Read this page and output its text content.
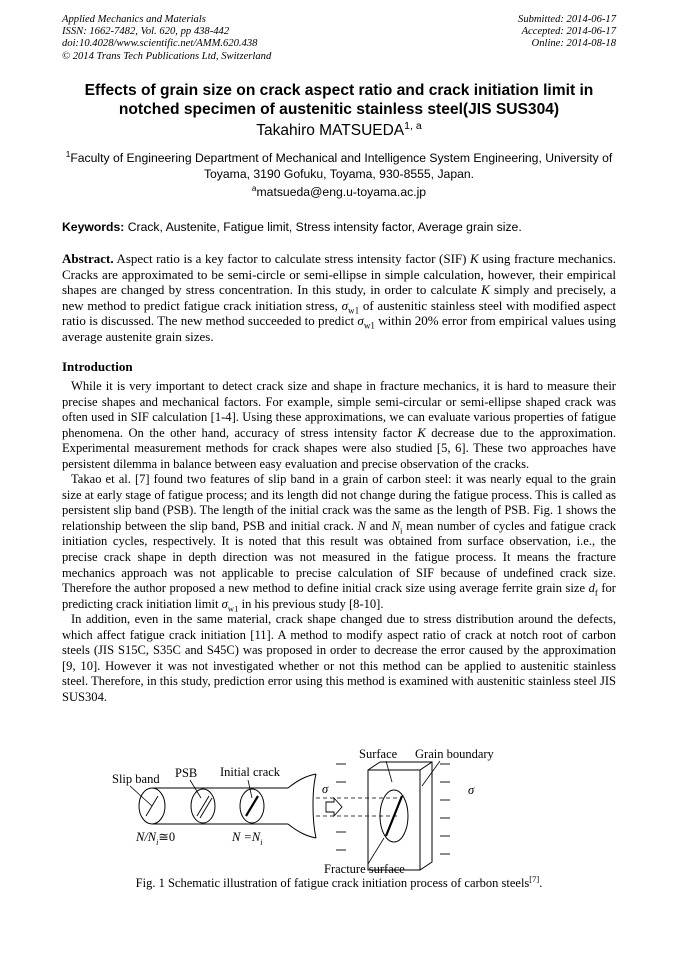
Applied Mechanics and Materials
ISSN: 1662-7482, Vol. 620, pp 438-442
doi:10.4028/www.scientific.net/AMM.620.438
© 2014 Trans Tech Publications Ltd, Switzerland
Submitted: 2014-06-17
Accepted: 2014-06-17
Online: 2014-08-18
Effects of grain size on crack aspect ratio and crack initiation limit in notched specimen of austenitic stainless steel(JIS SUS304)
Takahiro MATSUEDA$^{1, a}$
$^1$Faculty of Engineering Department of Mechanical and Intelligence System Engineering, University of Toyama, 3190 Gofuku, Toyama, 930-8555, Japan.
$^a$matsueda@eng.u-toyama.ac.jp
Keywords: Crack, Austenite, Fatigue limit, Stress intensity factor, Average grain size.
Abstract. Aspect ratio is a key factor to calculate stress intensity factor (SIF) K using fracture mechanics. Cracks are approximated to be semi-circle or semi-ellipse in simple calculation, however, their empirical shapes are changed by stress concentration. In this study, in order to calculate K simply and precisely, a new method to predict fatigue crack initiation stress, $\sigma_{w1}$ of austenitic stainless steel with modified aspect ratio is discussed. The new method succeeded to predict $\sigma_{w1}$ within 20% error from empirical values using average austenite grain sizes.
Introduction

While it is very important to detect crack size and shape in fracture mechanics, it is hard to measure their precise shapes and mechanical factors. For example, simple semi-circular or semi-ellipse shaped crack was often used in SIF calculation [1-4]. Using these approximations, we can evaluate various properties of fatigue phenomena. On the other hand, accuracy of stress intensity factor K decrease due to the approximation. Experimental measurement methods for crack shapes were also studied [5, 6]. These two approaches have persistent dilemma in balance between easy evaluation and precise observation of the cracks.

Takao et al. [7] found two features of slip band in a grain of carbon steel: it was nearly equal to the grain size at early stage of fatigue process; and its length did not change during the fatigue process. This is called as persistent slip band (PSB). The length of the initial crack was the same as the length of PSB. Fig. 1 shows the relationship between the slip band, PSB and initial crack. N and $N_i$ mean number of cycles and fatigue crack initiation cycles, respectively. It is noted that this result was obtained from surface observation, i.e., the precise crack shape in depth direction was not measured in the fatigue process. It means the fracture mechanics approach was not applicable to precise calculation of SIF because of undefined crack size. Therefore the author proposed a new method to define initial crack size using average ferrite grain size $d_f$ for predicting crack initiation limit $\sigma_{w1}$ in his previous study [8-10].

In addition, even in the same material, crack shape changed due to stress distribution around the defects, which affect fatigue crack initiation [11]. A method to modify aspect ratio of crack at notch root of carbon steels (JIS S15C, S35C and S45C) was proposed in order to decrease the error caused by the approximation [9, 10]. However it was not investigated whether or not this method can be applied to austenitic stainless steel. Therefore, in this study, prediction error using this method is examined with austenitic stainless steel JIS SUS304.

Slip band PSB Initial crack
Surface Grain boundary
σ	σ
Fracture surface
$N/N_i≅0$	$N =N_i$
Fig. 1 Schematic illustration of fatigue crack initiation process of carbon steels[7].
